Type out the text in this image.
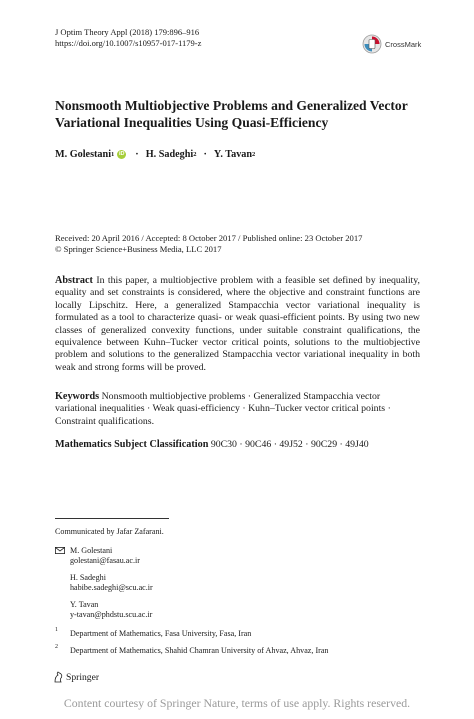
J Optim Theory Appl (2018) 179:896–916
https://doi.org/10.1007/s10957-017-1179-z	CrossMark
Nonsmooth Multiobjective Problems and Generalized Vector Variational Inequalities Using Quasi-Efficiency
M. Golestani 1 iD · H. Sadeghi 2 · Y. Tavan 2
Received: 20 April 2016 / Accepted: 8 October 2017 / Published online: 23 October 2017
© Springer Science+Business Media, LLC 2017
Abstract In this paper, a multiobjective problem with a feasible set defined by inequality, equality and set constraints is considered, where the objective and constraint functions are locally Lipschitz. Here, a generalized Stampacchia vector variational inequality is formulated as a tool to characterize quasi- or weak quasi-efficient points. By using two new classes of generalized convexity functions, under suitable constraint qualifications, the equivalence between Kuhn–Tucker vector critical points, solutions to the multiobjective problem and solutions to the generalized Stampacchia vector variational inequality in both weak and strong forms will be proved.
Keywords Nonsmooth multiobjective problems · Generalized Stampacchia vector variational inequalities · Weak quasi-efficiency · Kuhn–Tucker vector critical points · Constraint qualifications.
Mathematics Subject Classification 90C30 · 90C46 · 49J52 · 90C29 · 49J40
Communicated by Jafar Zafarani.
M. Golestani
golestani@fasau.ac.ir
H. Sadeghi
habibe.sadeghi@scu.ac.ir
Y. Tavan
y-tavan@phdstu.scu.ac.ir
1 Department of Mathematics, Fasa University, Fasa, Iran
2 Department of Mathematics, Shahid Chamran University of Ahvaz, Ahvaz, Iran
Springer
Content courtesy of Springer Nature, terms of use apply. Rights reserved.
